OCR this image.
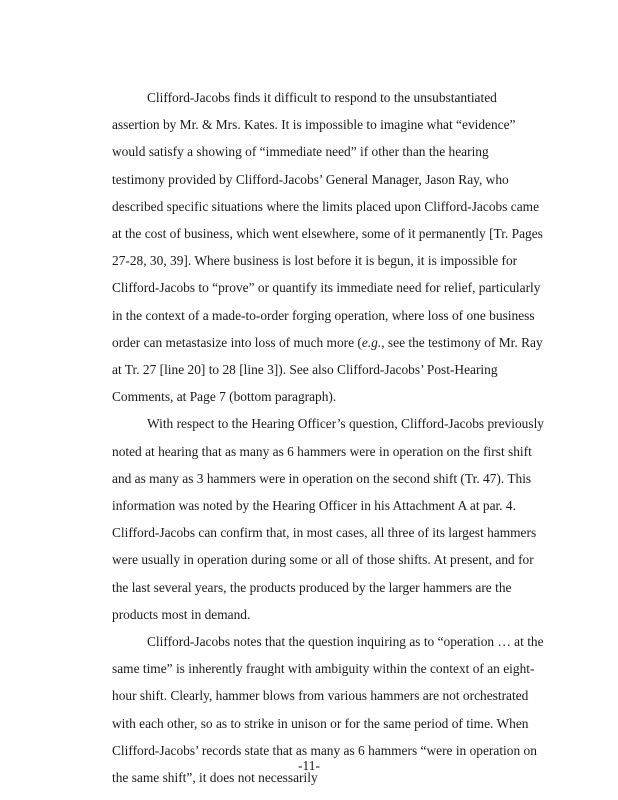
Clifford-Jacobs finds it difficult to respond to the unsubstantiated assertion by Mr. & Mrs. Kates. It is impossible to imagine what “evidence” would satisfy a showing of “immediate need” if other than the hearing testimony provided by Clifford-Jacobs’ General Manager, Jason Ray, who described specific situations where the limits placed upon Clifford-Jacobs came at the cost of business, which went elsewhere, some of it permanently [Tr. Pages 27-28, 30, 39]. Where business is lost before it is begun, it is impossible for Clifford-Jacobs to “prove” or quantify its immediate need for relief, particularly in the context of a made-to-order forging operation, where loss of one business order can metastasize into loss of much more (e.g., see the testimony of Mr. Ray at Tr. 27 [line 20] to 28 [line 3]). See also Clifford-Jacobs’ Post-Hearing Comments, at Page 7 (bottom paragraph).

With respect to the Hearing Officer’s question, Clifford-Jacobs previously noted at hearing that as many as 6 hammers were in operation on the first shift and as many as 3 hammers were in operation on the second shift (Tr. 47). This information was noted by the Hearing Officer in his Attachment A at par. 4. Clifford-Jacobs can confirm that, in most cases, all three of its largest hammers were usually in operation during some or all of those shifts. At present, and for the last several years, the products produced by the larger hammers are the products most in demand.

Clifford-Jacobs notes that the question inquiring as to “operation … at the same time” is inherently fraught with ambiguity within the context of an eight-hour shift. Clearly, hammer blows from various hammers are not orchestrated with each other, so as to strike in unison or for the same period of time. When Clifford-Jacobs’ records state that as many as 6 hammers “were in operation on the same shift”, it does not necessarily

-11-
